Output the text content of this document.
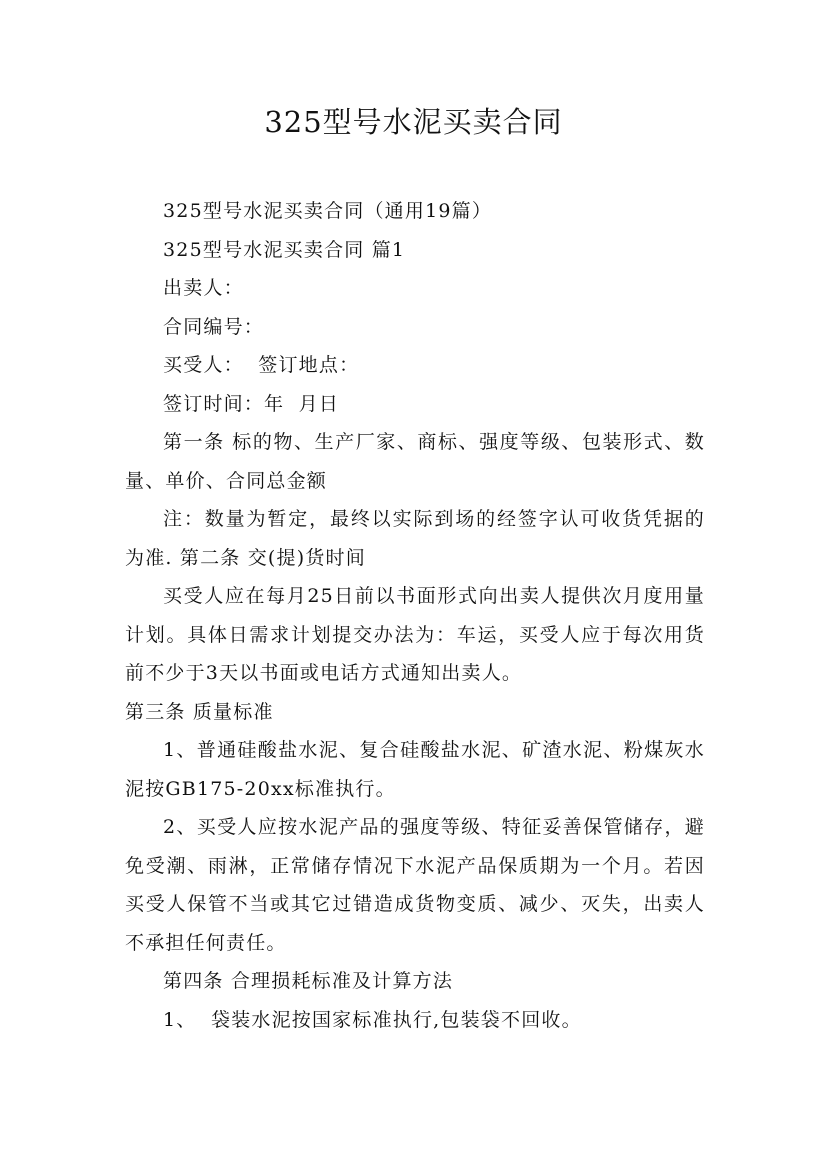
325型号水泥买卖合同

325型号水泥买卖合同（通用19篇）

325型号水泥买卖合同 篇1

出卖人：

合同编号：

买受人：  签订地点：

签订时间：年  月日

第一条 标的物、生产厂家、商标、强度等级、包装形式、数量、单价、合同总金额

注：数量为暂定，最终以实际到场的经签字认可收货凭据的为准. 第二条 交(提)货时间

买受人应在每月25日前以书面形式向出卖人提供次月度用量计划。具体日需求计划提交办法为：车运，买受人应于每次用货前不少于3天以书面或电话方式通知出卖人。

第三条 质量标准

1、普通硅酸盐水泥、复合硅酸盐水泥、矿渣水泥、粉煤灰水泥按GB175-20xx标准执行。

2、买受人应按水泥产品的强度等级、特征妥善保管储存，避免受潮、雨淋，正常储存情况下水泥产品保质期为一个月。若因买受人保管不当或其它过错造成货物变质、减少、灭失，出卖人不承担任何责任。

第四条 合理损耗标准及计算方法

1、  袋装水泥按国家标准执行,包装袋不回收。
